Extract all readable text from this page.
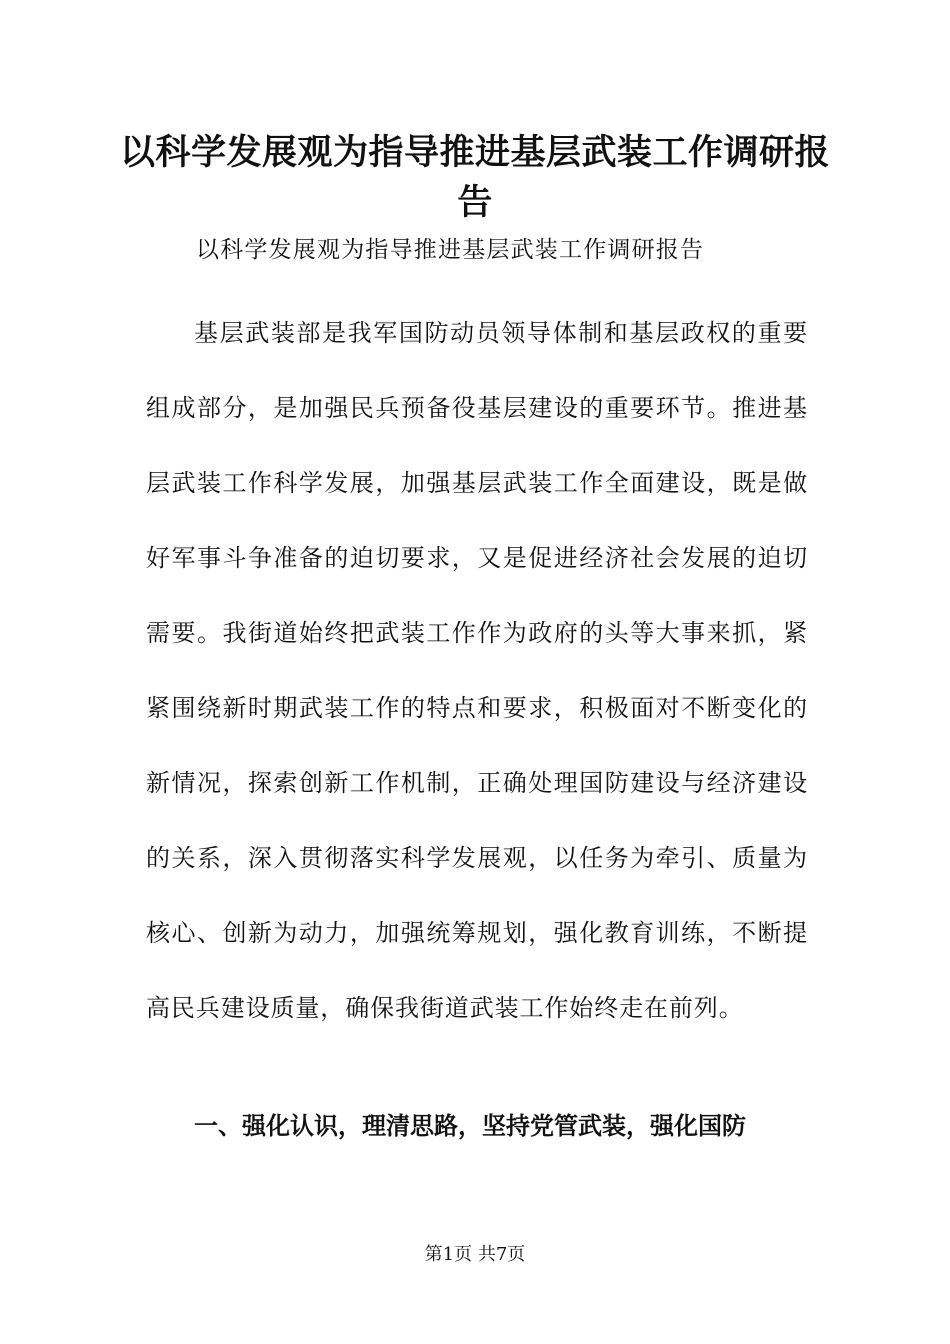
以科学发展观为指导推进基层武装工作调研报告
以科学发展观为指导推进基层武装工作调研报告

基层武装部是我军国防动员领导体制和基层政权的重要组成部分，是加强民兵预备役基层建设的重要环节。推进基层武装工作科学发展，加强基层武装工作全面建设，既是做好军事斗争准备的迫切要求，又是促进经济社会发展的迫切需要。我街道始终把武装工作作为政府的头等大事来抓，紧紧围绕新时期武装工作的特点和要求，积极面对不断变化的新情况，探索创新工作机制，正确处理国防建设与经济建设的关系，深入贯彻落实科学发展观，以任务为牵引、质量为核心、创新为动力，加强统筹规划，强化教育训练，不断提高民兵建设质量，确保我街道武装工作始终走在前列。

一、强化认识，理清思路，坚持党管武装，强化国防
第1页 共7页
